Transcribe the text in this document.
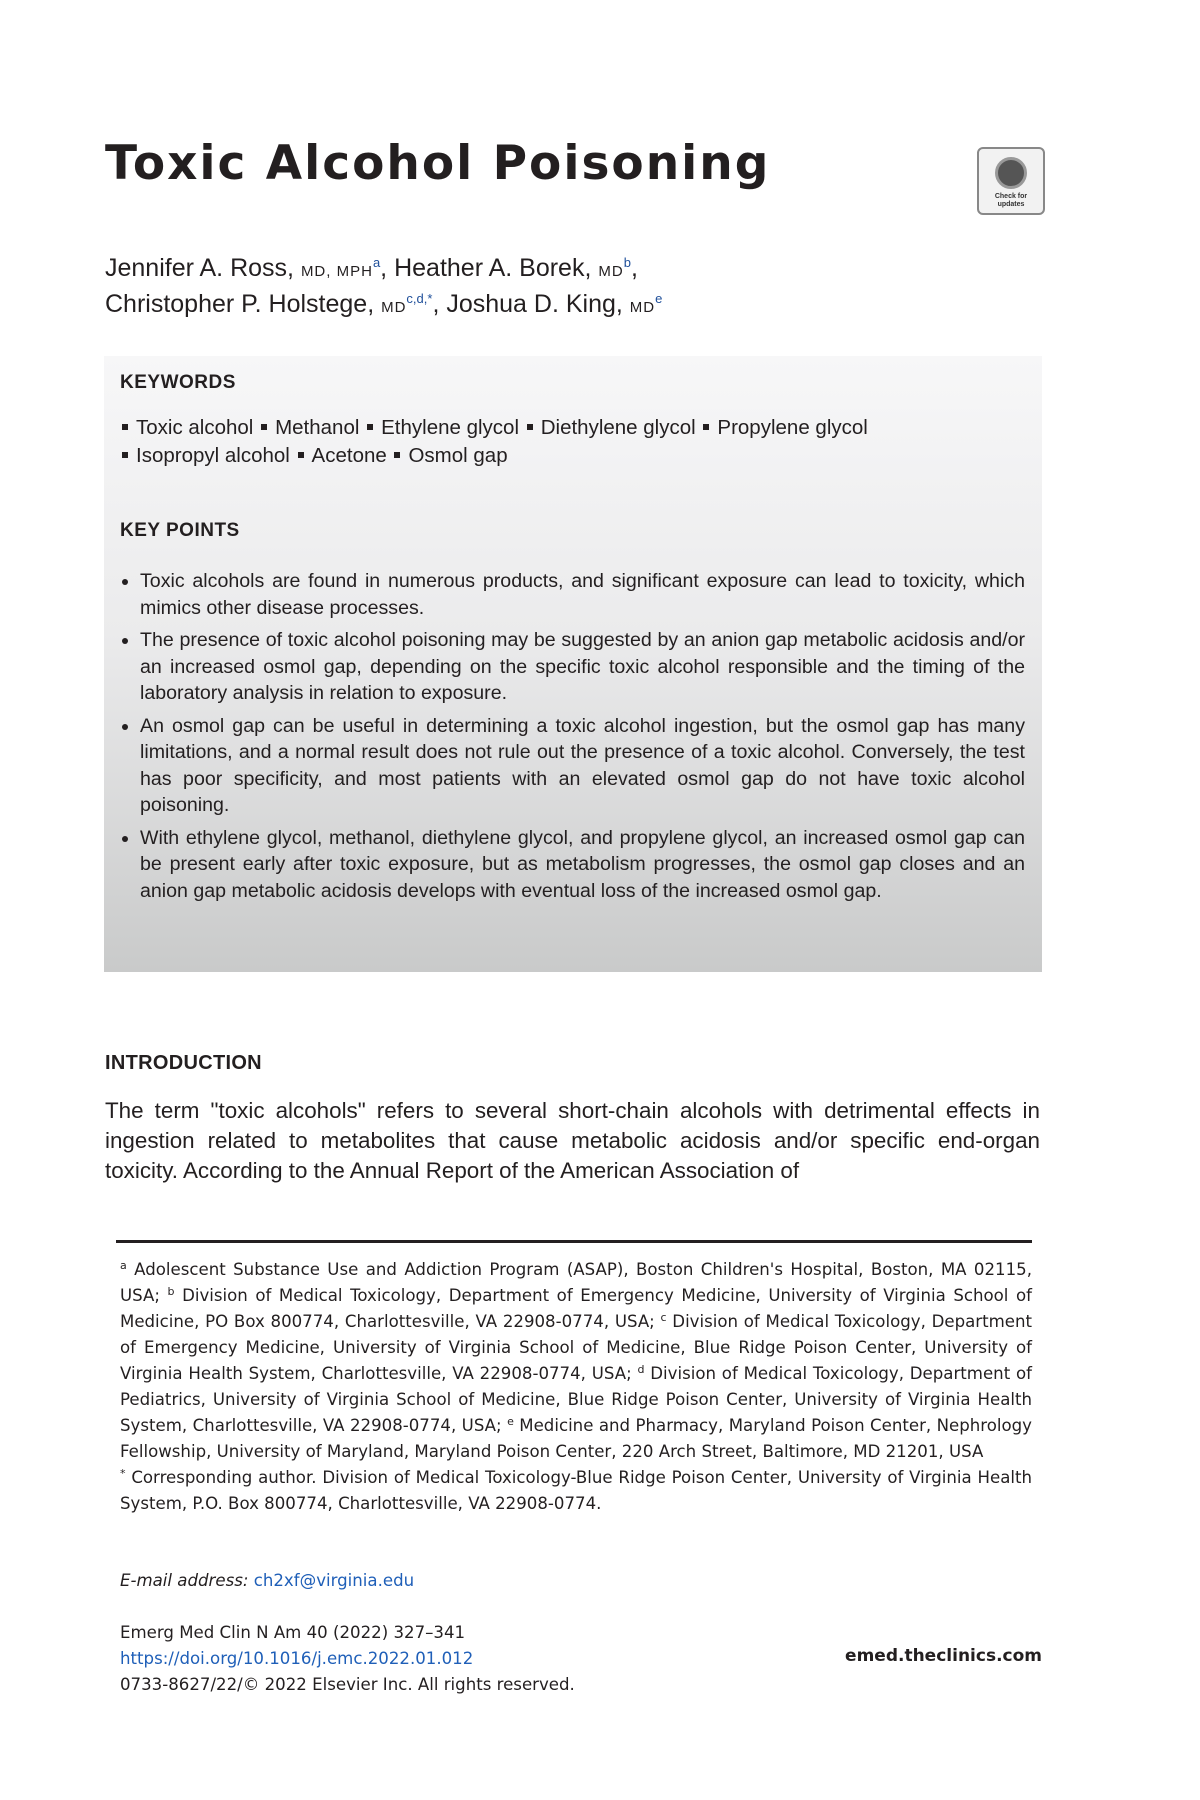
Toxic Alcohol Poisoning
Check for updates
Jennifer A. Ross, MD, MPH$^a$, Heather A. Borek, $MD^b$,
Christopher P. Holstege, $MD^{c,d,*}$, Joshua D. King, MDe
KEYWORDS
Toxic alcohol Methanol Ethylene glycol Diethylene glycol Propylene glycol
Isopropyl alcohol Acetone Osmol gap
KEY POINTS
Toxic alcohols are found in numerous products, and significant exposure can lead to toxicity, which mimics other disease processes.
The presence of toxic alcohol poisoning may be suggested by an anion gap metabolic acidosis and/or an increased osmol gap, depending on the specific toxic alcohol responsible and the timing of the laboratory analysis in relation to exposure.
An osmol gap can be useful in determining a toxic alcohol ingestion, but the osmol gap has many limitations, and a normal result does not rule out the presence of a toxic alcohol. Conversely, the test has poor specificity, and most patients with an elevated osmol gap do not have toxic alcohol poisoning.
With ethylene glycol, methanol, diethylene glycol, and propylene glycol, an increased osmol gap can be present early after toxic exposure, but as metabolism progresses, the osmol gap closes and an anion gap metabolic acidosis develops with eventual loss of the increased osmol gap.
INTRODUCTION

The term "toxic alcohols" refers to several short-chain alcohols with detrimental effects in ingestion related to metabolites that cause metabolic acidosis and/or specific end-organ toxicity. According to the Annual Report of the American Association of

$^a$ Adolescent Substance Use and Addiction Program (ASAP), Boston Children's Hospital, Boston, MA 02115, USA; $^b$ Division of Medical Toxicology, Department of Emergency Medicine, University of Virginia School of Medicine, PO Box 800774, Charlottesville, VA 22908-0774, USA; $^c$ Division of Medical Toxicology, Department of Emergency Medicine, University of Virginia School of Medicine, Blue Ridge Poison Center, University of Virginia Health System, Charlottesville, VA 22908-0774, USA; $^d$ Division of Medical Toxicology, Department of Pediatrics, University of Virginia School of Medicine, Blue Ridge Poison Center, University of Virginia Health System, Charlottesville, VA 22908-0774, USA; $^e$ Medicine and Pharmacy, Maryland Poison Center, Nephrology Fellowship, University of Maryland, Maryland Poison Center, 220 Arch Street, Baltimore, MD 21201, USA
* Corresponding author. Division of Medical Toxicology-Blue Ridge Poison Center, University of Virginia Health System, P.O. Box 800774, Charlottesville, VA 22908-0774.

E-mail address: ch2xf@virginia.edu
Emerg Med Clin N Am 40 (2022) 327–341
https://doi.org/10.1016/j.emc.2022.01.012
0733-8627/22/© 2022 Elsevier Inc. All rights reserved.
emed.theclinics.com
